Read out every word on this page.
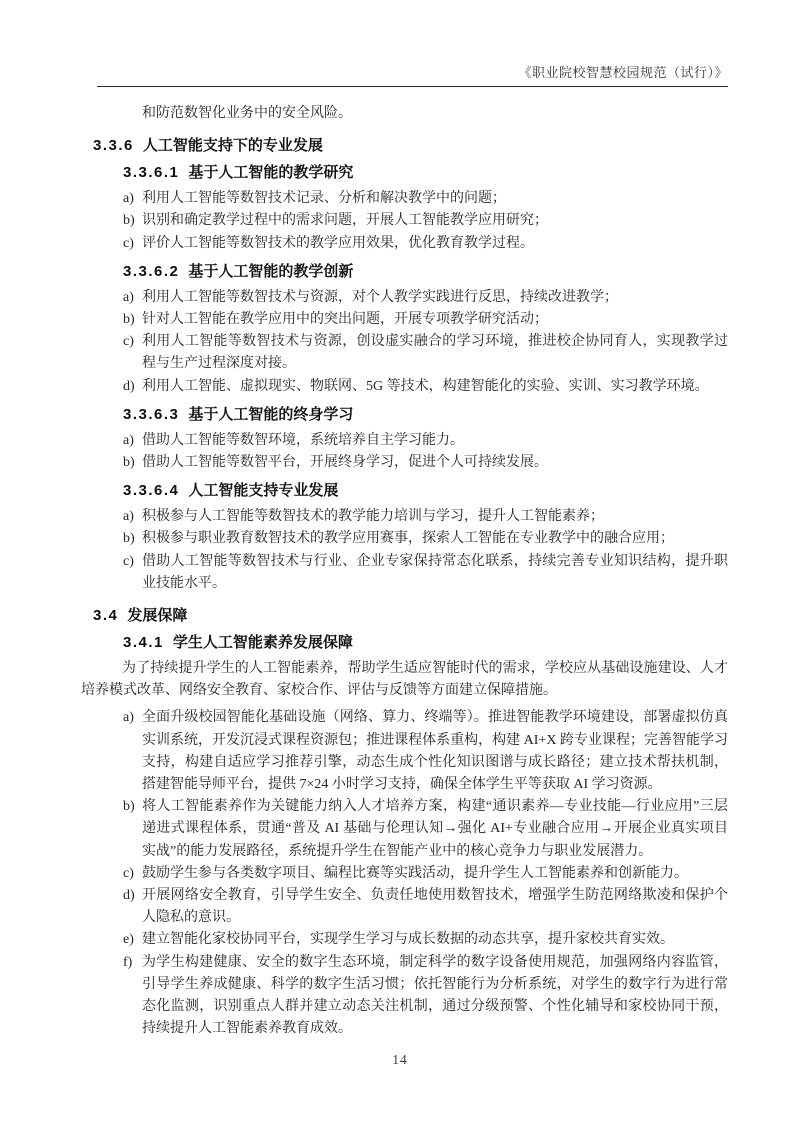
《职业院校智慧校园规范（试行）》

和防范数智化业务中的安全风险。

3.3.6 人工智能支持下的专业发展
3.3.6.1 基于人工智能的教学研究
a) 利用人工智能等数智技术记录、分析和解决教学中的问题；
b) 识别和确定教学过程中的需求问题，开展人工智能教学应用研究；
c) 评价人工智能等数智技术的教学应用效果，优化教育教学过程。
3.3.6.2 基于人工智能的教学创新
a) 利用人工智能等数智技术与资源，对个人教学实践进行反思，持续改进教学；
b) 针对人工智能在教学应用中的突出问题，开展专项教学研究活动；
c) 利用人工智能等数智技术与资源，创设虚实融合的学习环境，推进校企协同育人，实现教学过程与生产过程深度对接。
d) 利用人工智能、虚拟现实、物联网、5G 等技术，构建智能化的实验、实训、实习教学环境。
3.3.6.3 基于人工智能的终身学习
a) 借助人工智能等数智环境，系统培养自主学习能力。
b) 借助人工智能等数智平台，开展终身学习，促进个人可持续发展。
3.3.6.4 人工智能支持专业发展
a) 积极参与人工智能等数智技术的教学能力培训与学习，提升人工智能素养；
b) 积极参与职业教育数智技术的教学应用赛事，探索人工智能在专业教学中的融合应用；
c) 借助人工智能等数智技术与行业、企业专家保持常态化联系，持续完善专业知识结构，提升职业技能水平。
3.4 发展保障
3.4.1 学生人工智能素养发展保障

为了持续提升学生的人工智能素养，帮助学生适应智能时代的需求，学校应从基础设施建设、人才培养模式改革、网络安全教育、家校合作、评估与反馈等方面建立保障措施。

a) 全面升级校园智能化基础设施（网络、算力、终端等）。推进智能教学环境建设，部署虚拟仿真实训系统，开发沉浸式课程资源包；推进课程体系重构，构建 AI+X 跨专业课程；完善智能学习支持，构建自适应学习推荐引擎，动态生成个性化知识图谱与成长路径；建立技术帮扶机制，搭建智能导师平台，提供 7×24 小时学习支持，确保全体学生平等获取 AI 学习资源。
b) 将人工智能素养作为关键能力纳入人才培养方案，构建“通识素养—专业技能—行业应用”三层递进式课程体系，贯通“普及 AI 基础与伦理认知→强化 AI+专业融合应用→开展企业真实项目实战”的能力发展路径，系统提升学生在智能产业中的核心竞争力与职业发展潜力。
c) 鼓励学生参与各类数字项目、编程比赛等实践活动，提升学生人工智能素养和创新能力。
d) 开展网络安全教育，引导学生安全、负责任地使用数智技术，增强学生防范网络欺凌和保护个人隐私的意识。
e) 建立智能化家校协同平台，实现学生学习与成长数据的动态共享，提升家校共育实效。
f) 为学生构建健康、安全的数字生态环境，制定科学的数字设备使用规范，加强网络内容监管，引导学生养成健康、科学的数字生活习惯；依托智能行为分析系统，对学生的数字行为进行常态化监测，识别重点人群并建立动态关注机制，通过分级预警、个性化辅导和家校协同干预，持续提升人工智能素养教育成效。
14
